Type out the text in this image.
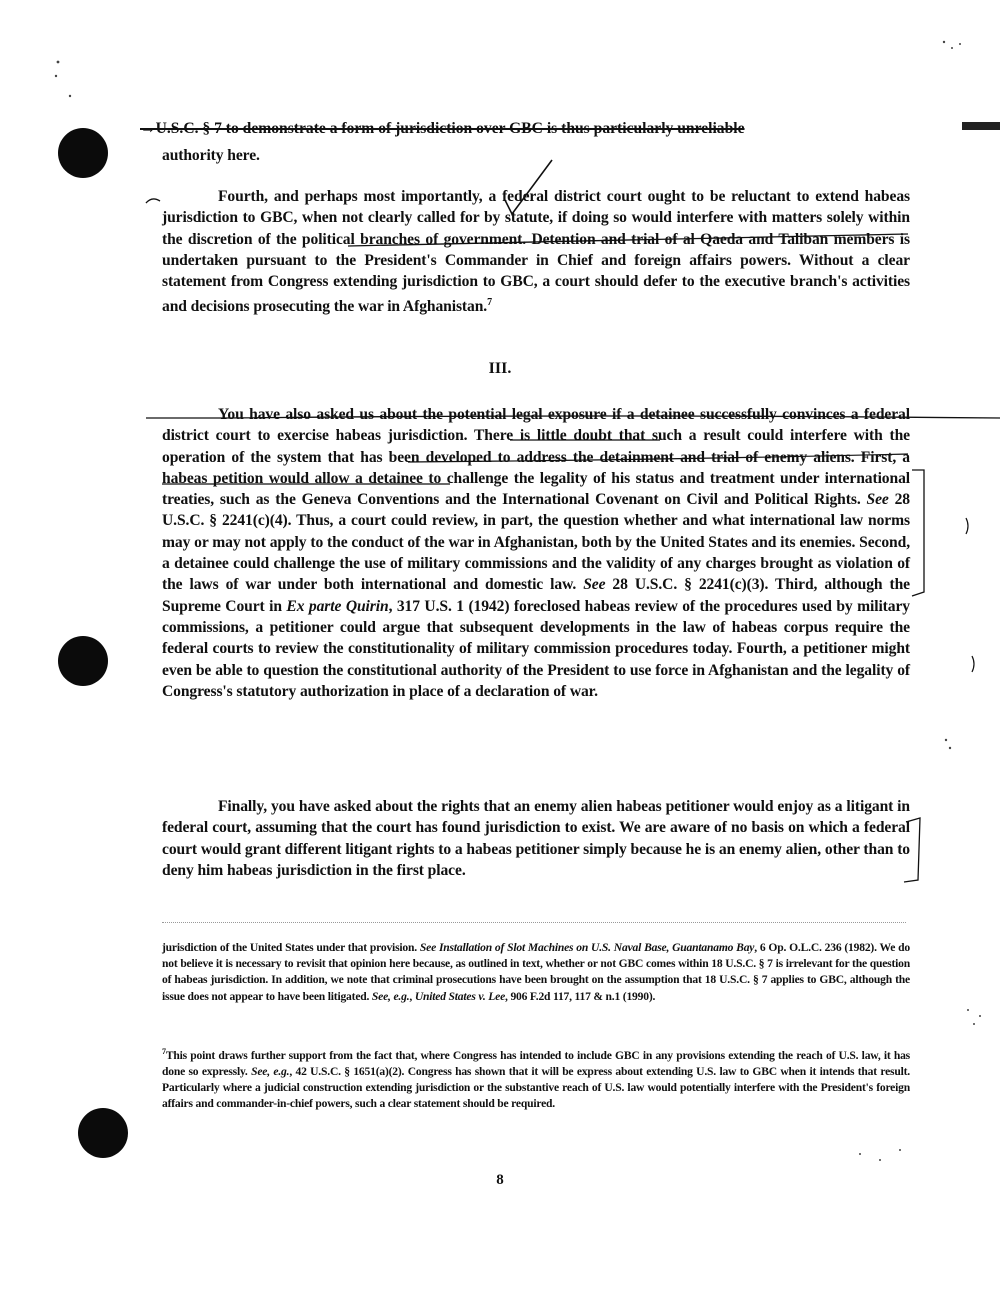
→U.S.C. § 7 to demonstrate a form of jurisdiction over GBC is thus particularly unreliable
authority here.
Fourth, and perhaps most importantly, a federal district court ought to be reluctant to extend habeas jurisdiction to GBC, when not clearly called for by statute, if doing so would interfere with matters solely within the discretion of the political branches of government. Detention and trial of al Qaeda and Taliban members is undertaken pursuant to the President's Commander in Chief and foreign affairs powers. Without a clear statement from Congress extending jurisdiction to GBC, a court should defer to the executive branch's activities and decisions prosecuting the war in Afghanistan.$^7$
III.
You have also asked us about the potential legal exposure if a detainee successfully convinces a federal district court to exercise habeas jurisdiction. There is little doubt that such a result could interfere with the operation of the system that has been developed to address the detainment and trial of enemy aliens. First, a habeas petition would allow a detainee to challenge the legality of his status and treatment under international treaties, such as the Geneva Conventions and the International Covenant on Civil and Political Rights. See 28 U.S.C. § 2241(c)(4). Thus, a court could review, in part, the question whether and what international law norms may or may not apply to the conduct of the war in Afghanistan, both by the United States and its enemies. Second, a detainee could challenge the use of military commissions and the validity of any charges brought as violation of the laws of war under both international and domestic law. See 28 U.S.C. § 2241(c)(3). Third, although the Supreme Court in Ex parte Quirin, 317 U.S. 1 (1942) foreclosed habeas review of the procedures used by military commissions, a petitioner could argue that subsequent developments in the law of habeas corpus require the federal courts to review the constitutionality of military commission procedures today. Fourth, a petitioner might even be able to question the constitutional authority of the President to use force in Afghanistan and the legality of Congress's statutory authorization in place of a declaration of war.
Finally, you have asked about the rights that an enemy alien habeas petitioner would enjoy as a litigant in federal court, assuming that the court has found jurisdiction to exist. We are aware of no basis on which a federal court would grant different litigant rights to a habeas petitioner simply because he is an enemy alien, other than to deny him habeas jurisdiction in the first place.
jurisdiction of the United States under that provision. See Installation of Slot Machines on U.S. Naval Base, Guantanamo Bay, 6 Op. O.L.C. 236 (1982). We do not believe it is necessary to revisit that opinion here because, as outlined in text, whether or not GBC comes within 18 U.S.C. § 7 is irrelevant for the question of habeas jurisdiction. In addition, we note that criminal prosecutions have been brought on the assumption that 18 U.S.C. § 7 applies to GBC, although the issue does not appear to have been litigated. See, e.g., United States v. Lee, 906 F.2d 117, 117 & n.1 (1990).
$^7$This point draws further support from the fact that, where Congress has intended to include GBC in any provisions extending the reach of U.S. law, it has done so expressly. See, e.g., 42 U.S.C. § 1651(a)(2). Congress has shown that it will be express about extending U.S. law to GBC when it intends that result. Particularly where a judicial construction extending jurisdiction or the substantive reach of U.S. law would potentially interfere with the President's foreign affairs and commander-in-chief powers, such a clear statement should be required.
8
